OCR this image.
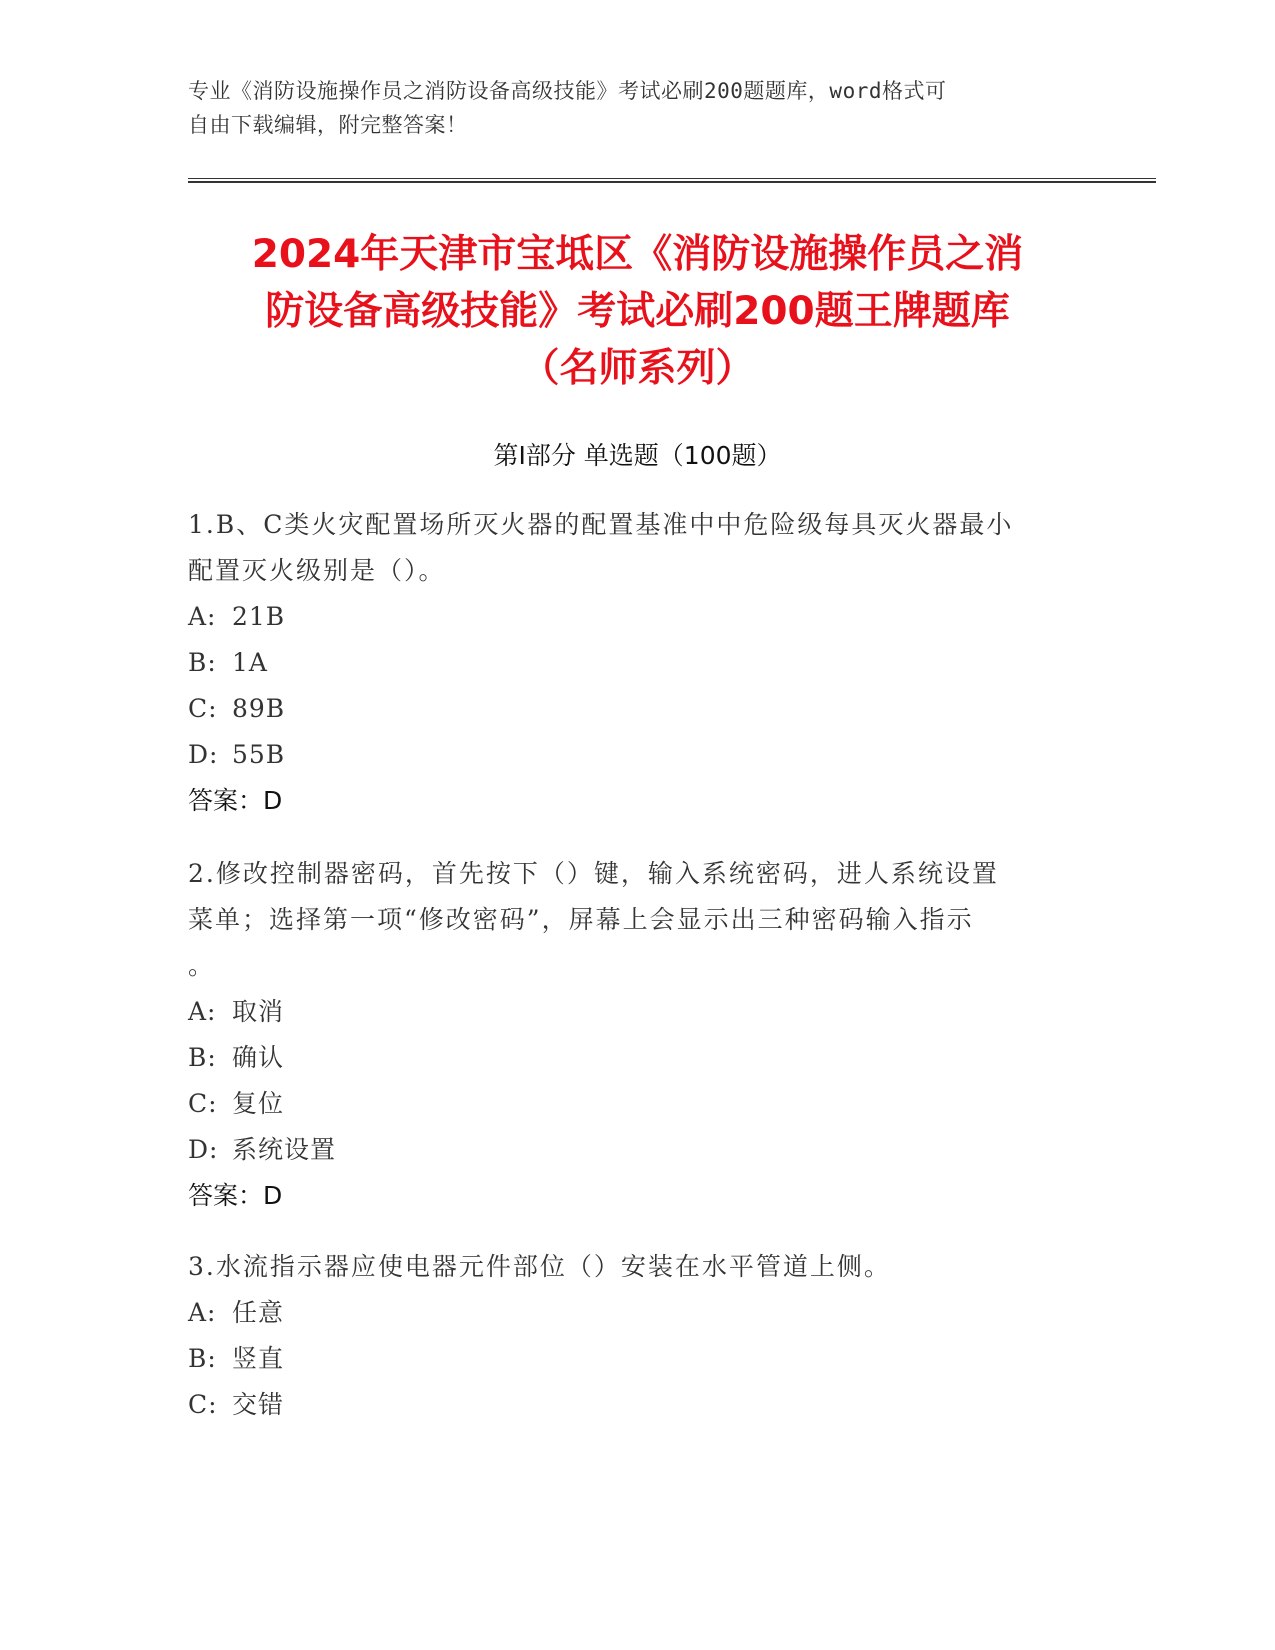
专业《消防设施操作员之消防设备高级技能》考试必刷200题题库，word格式可
自由下载编辑，附完整答案！
2024年天津市宝坻区《消防设施操作员之消
防设备高级技能》考试必刷200题王牌题库
（名师系列）
第Ⅰ部分 单选题（100题）
1.B、C类火灾配置场所灭火器的配置基准中中危险级每具灭火器最小
配置灭火级别是（）。
A: 21B
B: 1A
C: 89B
D: 55B
答案：D
2.修改控制器密码，首先按下（）键，输入系统密码，进人系统设置
菜单；选择第一项“修改密码”，屏幕上会显示出三种密码输入指示
。
A: 取消
B: 确认
C: 复位
D: 系统设置
答案：D
3.水流指示器应使电器元件部位（）安装在水平管道上侧。
A: 任意
B: 竖直
C: 交错
